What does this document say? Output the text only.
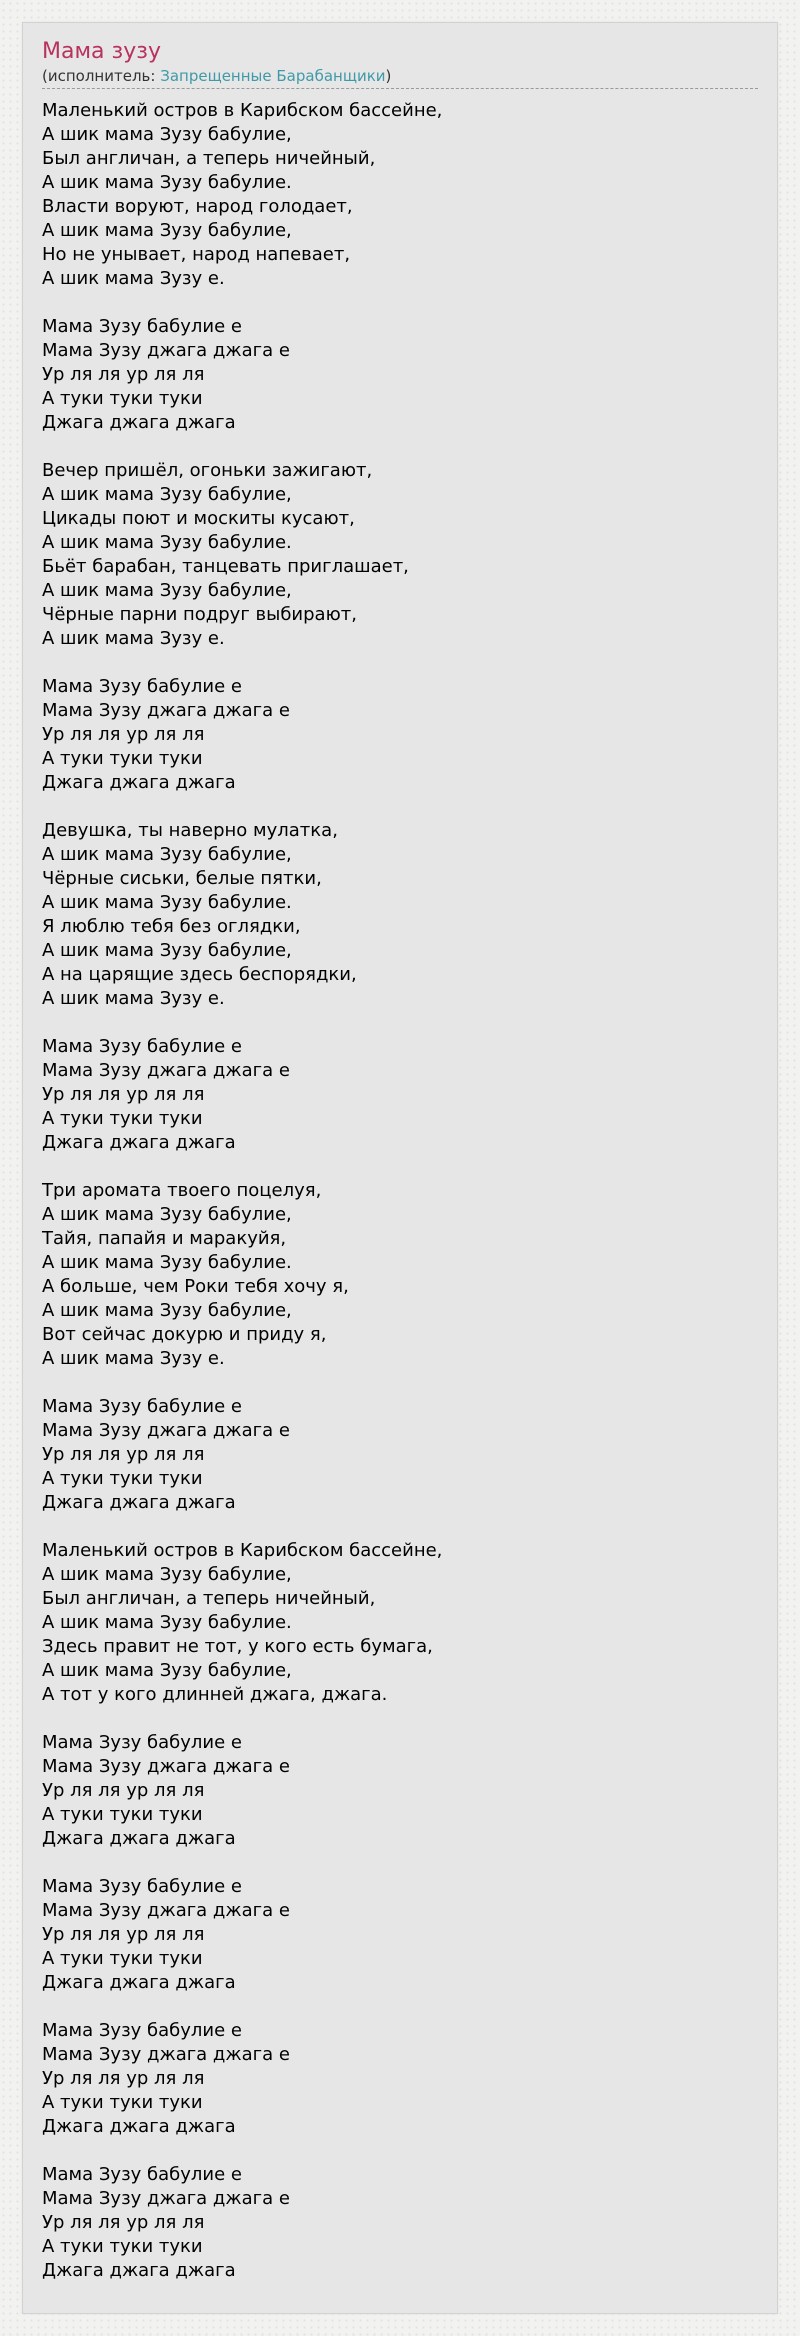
Мама зузу
(исполнитель: Запрещенные Барабанщики)
Маленький остров в Карибском бассейне,
А шик мама Зузу бабулие,
Был англичан, а теперь ничейный,
А шик мама Зузу бабулие.
Власти воруют, народ голодает,
А шик мама Зузу бабулие,
Но не унывает, народ напевает,
А шик мама Зузу е.
Мама Зузу бабулие е
Мама Зузу джага джага е
Ур ля ля ур ля ля
А туки туки туки
Джага джага джага
Вечер пришёл, огоньки зажигают,
А шик мама Зузу бабулие,
Цикады поют и москиты кусают,
А шик мама Зузу бабулие.
Бьёт барабан, танцевать приглашает,
А шик мама Зузу бабулие,
Чёрные парни подруг выбирают,
А шик мама Зузу е.
Мама Зузу бабулие е
Мама Зузу джага джага е
Ур ля ля ур ля ля
А туки туки туки
Джага джага джага
Девушка, ты наверно мулатка,
А шик мама Зузу бабулие,
Чёрные сиськи, белые пятки,
А шик мама Зузу бабулие.
Я люблю тебя без оглядки,
А шик мама Зузу бабулие,
А на царящие здесь беспорядки,
А шик мама Зузу е.
Мама Зузу бабулие е
Мама Зузу джага джага е
Ур ля ля ур ля ля
А туки туки туки
Джага джага джага
Три аромата твоего поцелуя,
А шик мама Зузу бабулие,
Тайя, папайя и маракуйя,
А шик мама Зузу бабулие.
А больше, чем Роки тебя хочу я,
А шик мама Зузу бабулие,
Вот сейчас докурю и приду я,
А шик мама Зузу е.
Мама Зузу бабулие е
Мама Зузу джага джага е
Ур ля ля ур ля ля
А туки туки туки
Джага джага джага
Маленький остров в Карибском бассейне,
А шик мама Зузу бабулие,
Был англичан, а теперь ничейный,
А шик мама Зузу бабулие.
Здесь правит не тот, у кого есть бумага,
А шик мама Зузу бабулие,
А тот у кого длинней джага, джага.
Мама Зузу бабулие е
Мама Зузу джага джага е
Ур ля ля ур ля ля
А туки туки туки
Джага джага джага
Мама Зузу бабулие е
Мама Зузу джага джага е
Ур ля ля ур ля ля
А туки туки туки
Джага джага джага
Мама Зузу бабулие е
Мама Зузу джага джага е
Ур ля ля ур ля ля
А туки туки туки
Джага джага джага
Мама Зузу бабулие е
Мама Зузу джага джага е
Ур ля ля ур ля ля
А туки туки туки
Джага джага джага
